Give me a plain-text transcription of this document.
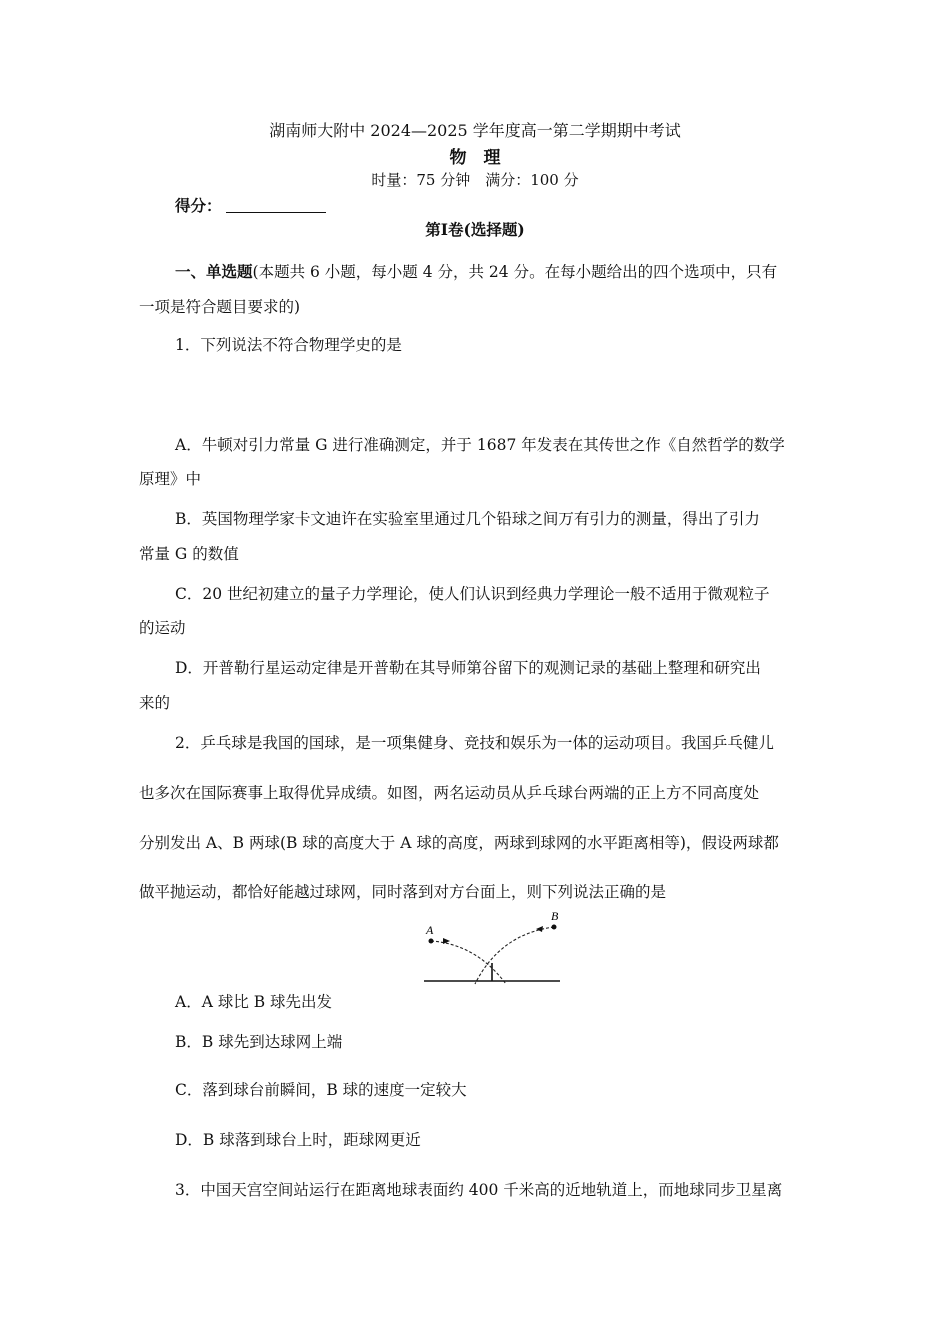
湖南师大附中 2024—2025 学年度高一第二学期期中考试
物　理
时量：75 分钟　满分：100 分
得分：
第Ⅰ卷(选择题)
一、单选题(本题共 6 小题，每小题 4 分，共 24 分。在每小题给出的四个选项中，只有
一项是符合题目要求的)
1．下列说法不符合物理学史的是
A．牛顿对引力常量 G 进行准确测定，并于 1687 年发表在其传世之作《自然哲学的数学
原理》中
B．英国物理学家卡文迪许在实验室里通过几个铅球之间万有引力的测量，得出了引力
常量 G 的数值
C．20 世纪初建立的量子力学理论，使人们认识到经典力学理论一般不适用于微观粒子
的运动
D．开普勒行星运动定律是开普勒在其导师第谷留下的观测记录的基础上整理和研究出
来的
2．乒乓球是我国的国球，是一项集健身、竞技和娱乐为一体的运动项目。我国乒乓健儿
也多次在国际赛事上取得优异成绩。如图，两名运动员从乒乓球台两端的正上方不同高度处
分别发出 A、B 两球(B 球的高度大于 A 球的高度，两球到球网的水平距离相等)，假设两球都
做平抛运动，都恰好能越过球网，同时落到对方台面上，则下列说法正确的是
A
B
A．A 球比 B 球先出发
B．B 球先到达球网上端
C．落到球台前瞬间，B 球的速度一定较大
D．B 球落到球台上时，距球网更近
3．中国天宫空间站运行在距离地球表面约 400 千米高的近地轨道上，而地球同步卫星离
